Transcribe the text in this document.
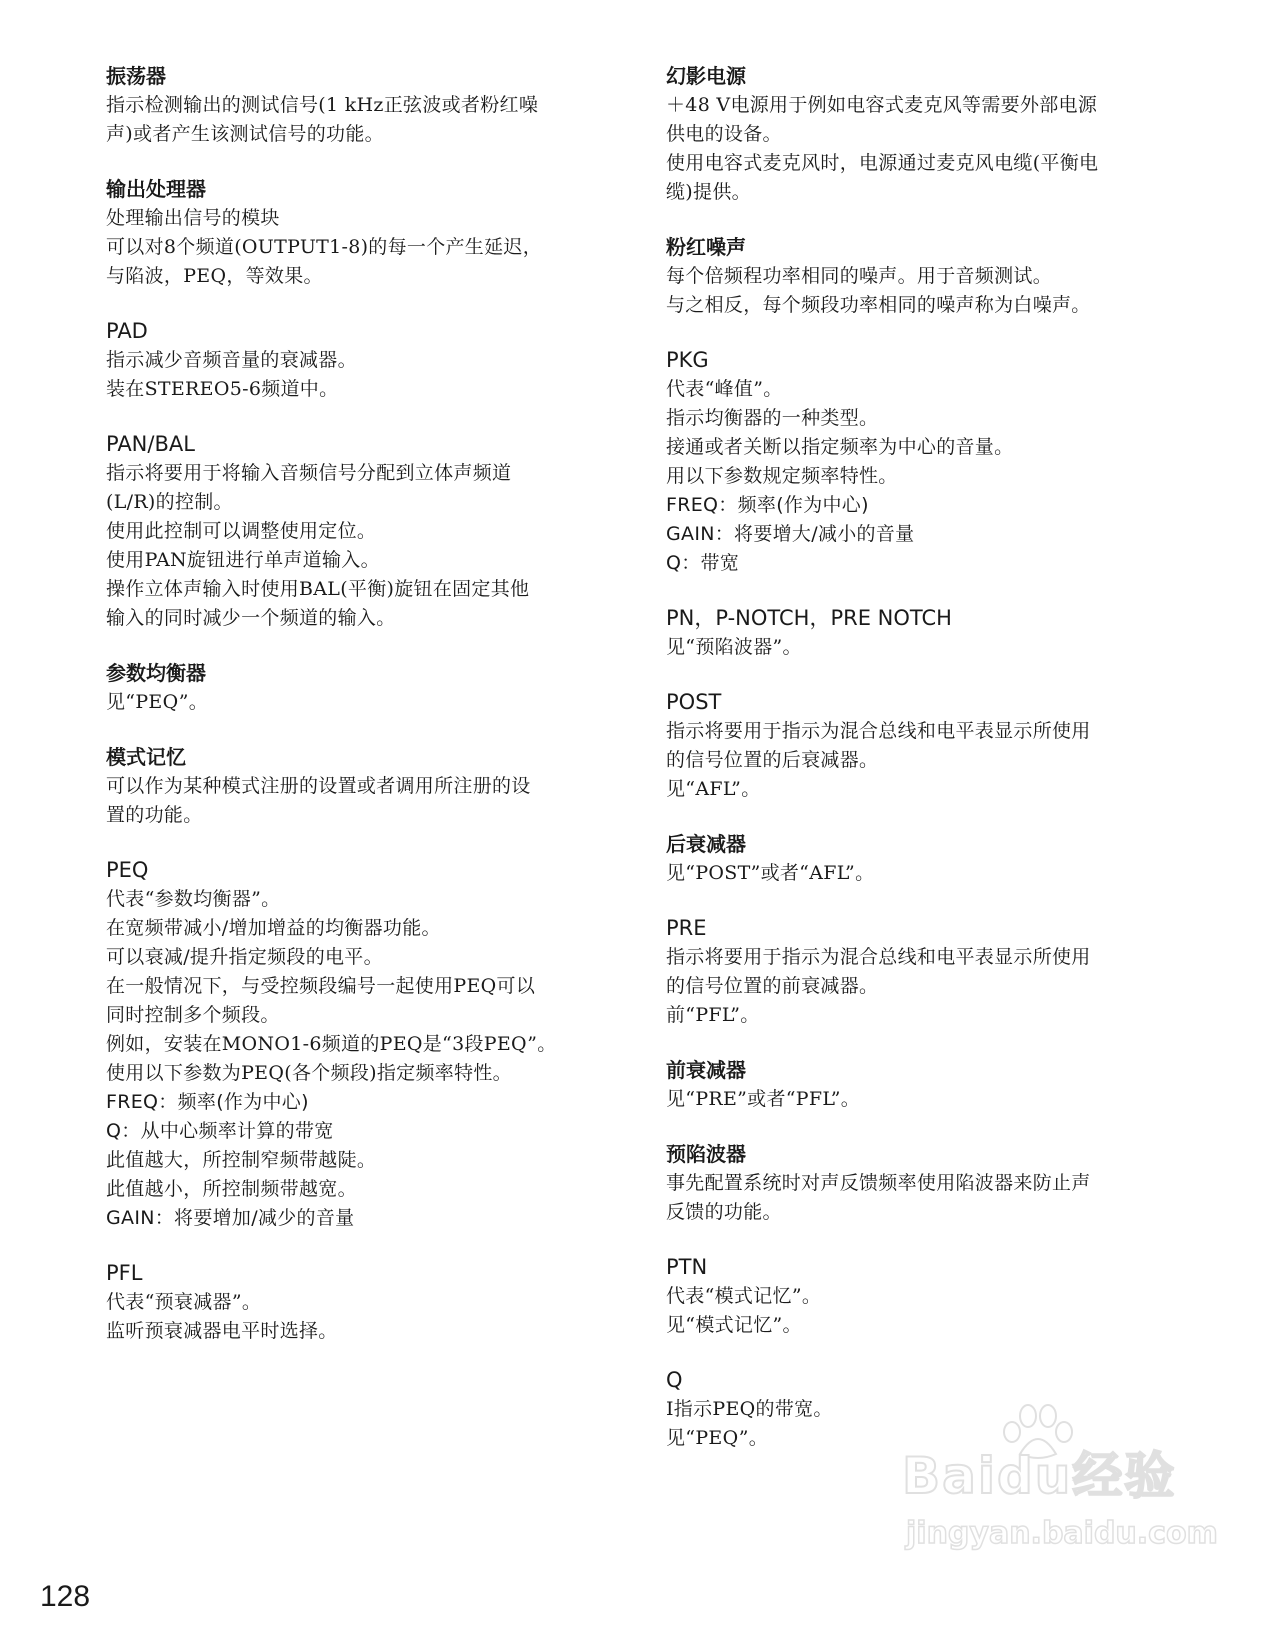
振荡器
指示检测输出的测试信号(1 kHz正弦波或者粉红噪
声)或者产生该测试信号的功能。
输出处理器
处理输出信号的模块
可以对8个频道(OUTPUT1-8)的每一个产生延迟，
与陷波，PEQ，等效果。
PAD
指示减少音频音量的衰减器。
装在STEREO5-6频道中。
PAN/BAL
指示将要用于将输入音频信号分配到立体声频道
(L/R)的控制。
使用此控制可以调整使用定位。
使用PAN旋钮进行单声道输入。
操作立体声输入时使用BAL(平衡)旋钮在固定其他
输入的同时减少一个频道的输入。
参数均衡器
见“PEQ”。
模式记忆
可以作为某种模式注册的设置或者调用所注册的设
置的功能。
PEQ
代表“参数均衡器”。
在宽频带减小/增加增益的均衡器功能。
可以衰减/提升指定频段的电平。
在一般情况下，与受控频段编号一起使用PEQ可以
同时控制多个频段。
例如，安装在MONO1-6频道的PEQ是“3段PEQ”。
使用以下参数为PEQ(各个频段)指定频率特性。
FREQ：频率(作为中心)
Q：从中心频率计算的带宽
此值越大，所控制窄频带越陡。
此值越小，所控制频带越宽。
GAIN：将要增加/减少的音量
PFL
代表“预衰减器”。
监听预衰减器电平时选择。
幻影电源
＋48 V电源用于例如电容式麦克风等需要外部电源
供电的设备。
使用电容式麦克风时，电源通过麦克风电缆(平衡电
缆)提供。
粉红噪声
每个倍频程功率相同的噪声。用于音频测试。
与之相反，每个频段功率相同的噪声称为白噪声。
PKG
代表“峰值”。
指示均衡器的一种类型。
接通或者关断以指定频率为中心的音量。
用以下参数规定频率特性。
FREQ：频率(作为中心)
GAIN：将要增大/减小的音量
Q：带宽
PN，P-NOTCH，PRE NOTCH
见“预陷波器”。
POST
指示将要用于指示为混合总线和电平表显示所使用
的信号位置的后衰减器。
见“AFL”。
后衰减器
见“POST”或者“AFL”。
PRE
指示将要用于指示为混合总线和电平表显示所使用
的信号位置的前衰减器。
前“PFL”。
前衰减器
见“PRE”或者“PFL”。
预陷波器
事先配置系统时对声反馈频率使用陷波器来防止声
反馈的功能。
PTN
代表“模式记忆”。
见“模式记忆”。
Q
I指示PEQ的带宽。
见“PEQ”。
128
Baidu经验
jingyan.baidu.com
